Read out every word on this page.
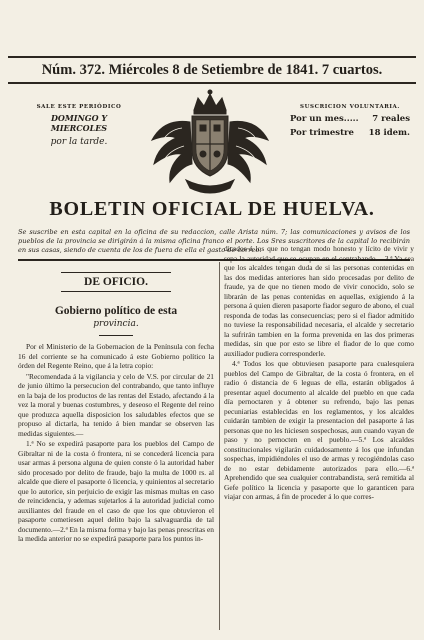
Núm. 372.
Miércoles 8 de Setiembre de 1841.
7 cuartos.
SALE ESTE PERIÓDICO
DOMINGO Y MIERCOLES
por la tarde.
SUSCRICION VOLUNTARIA.
Por un mes..... 7 reales
Por trimestre 18 idem.
BOLETIN OFICIAL DE HUELVA.
Se suscribe en esta capital en la oficina de su redaccion, calle Arista núm. 7; las comunicaciones y avisos de los pueblos de la provincia se dirigirán á la misma oficina franco el porte. Los Sres suscritores de la capital lo recibirán en sus casas, siendo de cuenta de los de fuera de ella el gasto de correo.
DE OFICIO.
Gobierno político de esta
provincia.

Por el Ministerio de la Gobernacion de la Península con fecha 16 del corriente se ha comunicado á este Gobierno político la órden del Regente Reino, que á la letra copio:

"Recomendada á la vigilancia y celo de V.S. por circular de 21 de junio último la persecucion del contrabando, que tanto influye en la baja de los productos de las rentas del Estado, afectando á la vez la moral y buenas costumbres, y deseoso el Regente del reino que produzca aquella disposicion los saludables efectos que se propuso al dictarla, ha tenido á bien mandar se observen las medidas siguientes.—

1.ª No se expedirá pasaporte para los pueblos del Campo de Gibraltar ni de la costa ó frontera, ni se concederá licencia para usar armas á persona alguna de quien conste ó la autoridad haber sido procesado por delito de fraude, bajo la multa de 1000 rs. al alcalde que diere el pasaporte ó licencia, y quinientos al secretario que lo autorice, sin perjuicio de exigir las mismas multas en caso de reincidencia, y ademas sujetarlos á la autoridad judicial como auxiliantes del fraude en el caso de que los que obtuvieron el pasaporte cometiesen aquel delito bajo la salvaguardia de tal documento.—2.ª En la misma forma y bajo las penas prescritas en la medida anterior no se expedirá pasaporte para los puntos in-

dicados á los que no tengan modo honesto y lícito de vivir y sepa la autoridad que se ocupan en el contrabando.—3.ª Ya sea que los alcaldes tengan duda de si las personas contenidas en las dos medidas anteriores han sido procesadas por delito de fraude, ya de que no tienen modo de vivir conocido, solo se librarán de las penas contenidas en aquellas, exigiendo á la persona á quien dieren pasaporte fiador seguro de abono, el cual responda de todas las consecuencias; pero si el fiador admitido no tuviese la responsabilidad necesaria, el alcalde y secretario la sufrirán tambien en la forma prevenida en las dos primeras medidas, sin que por esto se libre el fiador de lo que como auxiliador pudiera corresponderle.

4.ª Todos los que obtuviesen pasaporte para cualesquiera pueblos del Campo de Gibraltar, de la costa ó frontera, en el radio ó distancia de 6 leguas de ella, estarán obligados á presentar aquel documento al alcalde del pueblo en que cada día pernoctaren y á obtener su refrendo, bajo las penas pecuniarias establecidas en los reglamentos, y los alcaldes cuidarán tambien de exigir la presentacion del pasaporte á las personas que no les hiciesen sospechosas, aun cuando vayan de paso y no pernocten en el pueblo.—5.ª Los alcaldes constitucionales vigilarán cuidadosamente á los que infundan sospechas, impidiéndoles el uso de armas y recogiéndolas caso de no estar debidamente autorizados para ello.—6.ª Aprehendido que sea cualquier contrabandista, será remitida al Gefe político la licencia y pasaporte que lo garanticen para viajar con armas, á fin de proceder á lo que corres-
